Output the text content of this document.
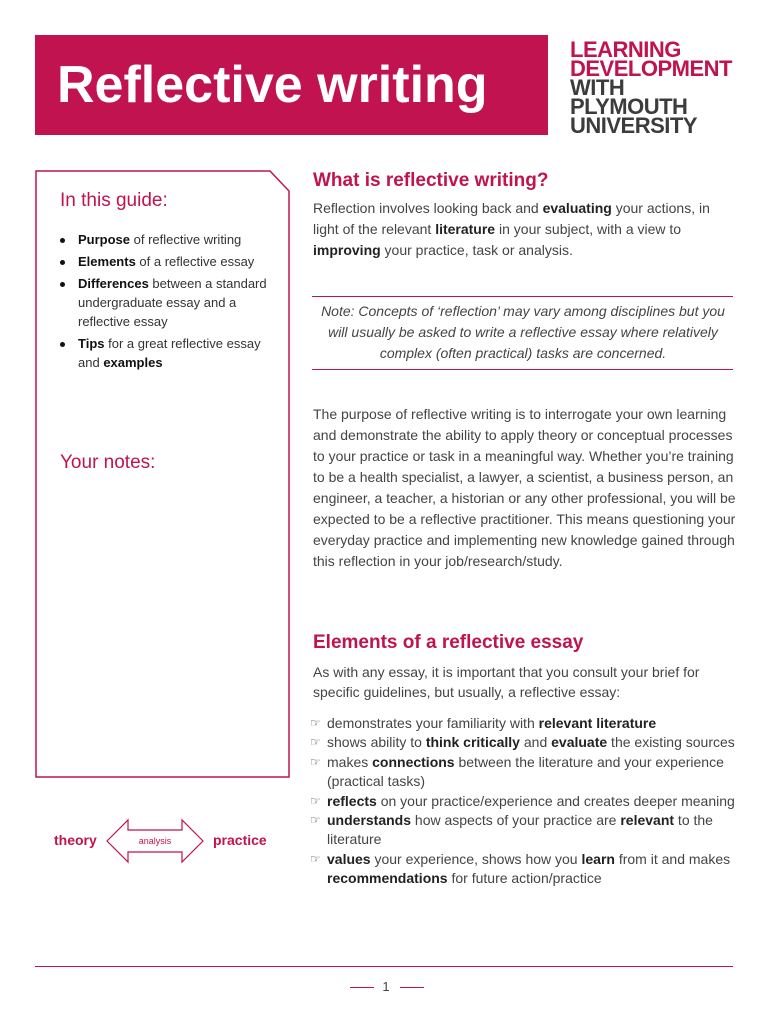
Reflective writing
LEARNING
DEVELOPMENT
WITH
PLYMOUTH
UNIVERSITY
In this guide:
Purpose of reflective writing
Elements of a reflective essay
Differences between a standard undergraduate essay and a reflective essay
Tips for a great reflective essay and examples
Your notes:
theory	analysis	practice
What is reflective writing?

Reflection involves looking back and evaluating your actions, in light of the relevant literature in your subject, with a view to improving your practice, task or analysis.

Note: Concepts of ‘reflection’ may vary among disciplines but you will usually be asked to write a reflective essay where relatively complex (often practical) tasks are concerned.

The purpose of reflective writing is to interrogate your own learning and demonstrate the ability to apply theory or conceptual processes to your practice or task in a meaningful way. Whether you’re training to be a health specialist, a lawyer, a scientist, a business person, an engineer, a teacher, a historian or any other professional, you will be expected to be a reflective practitioner. This means questioning your everyday practice and implementing new knowledge gained through this reflection in your job/research/study.

Elements of a reflective essay

As with any essay, it is important that you consult your brief for specific guidelines, but usually, a reflective essay:

☞ demonstrates your familiarity with relevant literature
☞ shows ability to think critically and evaluate the existing sources
☞ makes connections between the literature and your experience (practical tasks)
☞ reflects on your practice/experience and creates deeper meaning
☞ understands how aspects of your practice are relevant to the literature
☞ values your experience, shows how you learn from it and makes recommendations for future action/practice
1
